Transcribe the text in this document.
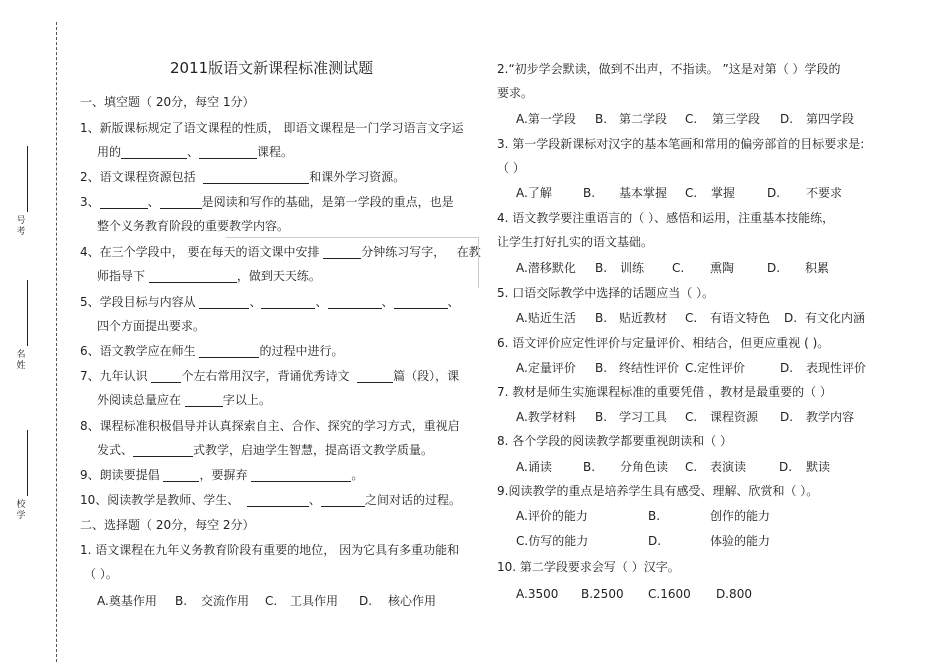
号考
名姓
校学
2011版语文新课程标准测试题
一、填空题（ 20分，每空 1分）
1、新版课标规定了语文课程的性质， 即语文课程是一门学习语言文字运
用的	、	课程。
2、语文课程资源包括	和课外学习资源。
3、	、	是阅读和写作的基础，是第一学段的重点，也是
整个义务教育阶段的重要教学内容。
4、在三个学段中， 要在每天的语文课中安排	分钟练习写字， 在教
师指导下	，做到天天练。
5、学段目标与内容从	、	、	、	、
四个方面提出要求。
6、语文教学应在师生	的过程中进行。
7、九年认识	个左右常用汉字，背诵优秀诗文	篇（段），课
外阅读总量应在	字以上。
8、课程标准积极倡导并认真探索自主、合作、探究的学习方式，重视启
发式、	式教学，启迪学生智慧，提高语文教学质量。
9、朗读要提倡	，要摒弃	。
10、阅读教学是教师、学生、	、	之间对话的过程。
二、选择题（ 20分，每空 2分）
1. 语文课程在九年义务教育阶段有重要的地位， 因为它具有多重功能和
（ ）。
A.奠基作用 B. 交流作用 C. 工具作用 D. 核心作用
2.“初步学会默读，做到不出声，不指读。 ”这是对第（ ）学段的
要求。
A.第一学段 B. 第二学段 C. 第三学段 D. 第四学段
3. 第一学段新课标对汉字的基本笔画和常用的偏旁部首的目标要求是:
（ ）
A.了解	B. 基本掌握 C. 掌握	D. 不要求
4. 语文教学要注重语言的（ ）、感悟和运用，注重基本技能练，
让学生打好扎实的语文基础。
A.潜移默化 B. 训练 C. 熏陶	D. 积累
5. 口语交际教学中选择的话题应当（ ）。
A.贴近生活 B. 贴近教材 C. 有语文特色 D. 有文化内涵
6. 语文评价应定性评价与定量评价、相结合，但更应重视 ( )。
A.定量评价 B. 终结性评价 C. 定性评价	D. 表现性评价
7. 教材是师生实施课程标准的重要凭借 ，教材是最重要的（ ）
A.教学材料 B. 学习工具 C. 课程资源 D. 教学内容
8. 各个学段的阅读教学都要重视朗读和（ ）
A.诵读	B. 分角色读 C. 表演读	D. 默读
9.阅读教学的重点是培养学生具有感受、理解、欣赏和（ ）。
A.评价的能力	B.	创作的能力
C.仿写的能力	D.	体验的能力
10. 第二学段要求会写（ ）汉字。
A.3500 B.2500 C.1600 D.800
